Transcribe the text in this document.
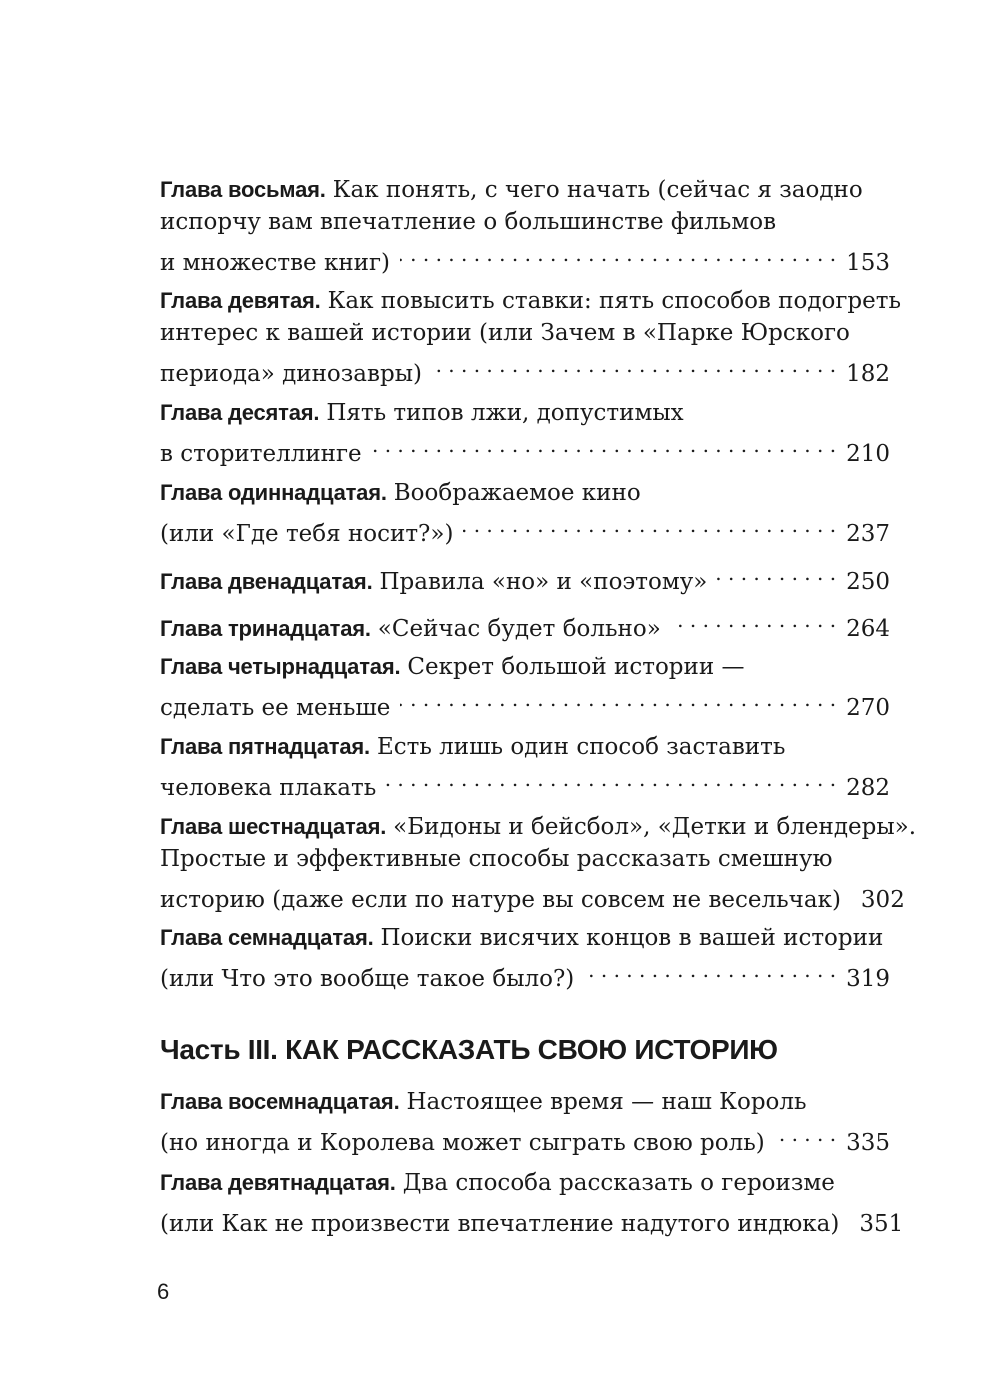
Глава восьмая. Как понять, с чего начать (сейчас я заодно
испорчу вам впечатление о большинстве фильмов
и множестве книг) . . .	153
Глава девятая. Как повысить ставки: пять способов подогреть
интерес к вашей истории (или Зачем в «Парке Юрского
периода» динозавры) . . .	182
Глава десятая. Пять типов лжи, допустимых
в сторителлинге . . .	210
Глава одиннадцатая. Воображаемое кино
(или «Где тебя носит?») . . .	237
Глава двенадцатая. Правила «но» и «поэтому» . . .	250
Глава тринадцатая. «Сейчас будет больно» . . .	264
Глава четырнадцатая. Секрет большой истории —
сделать ее меньше . . .	270
Глава пятнадцатая. Есть лишь один способ заставить
человека плакать . . .	282
Глава шестнадцатая. «Бидоны и бейсбол», «Детки и блендеры».
Простые и эффективные способы рассказать смешную
историю (даже если по натуре вы совсем не весельчак) 302
Глава семнадцатая. Поиски висячих концов в вашей истории
(или Что это вообще такое было?) . . .	319
Часть III. КАК РАССКАЗАТЬ СВОЮ ИСТОРИЮ
Глава восемнадцатая. Настоящее время — наш Король
(но иногда и Королева может сыграть свою роль) . . .	335
Глава девятнадцатая. Два способа рассказать о героизме
(или Как не произвести впечатление надутого индюка) 351
6
